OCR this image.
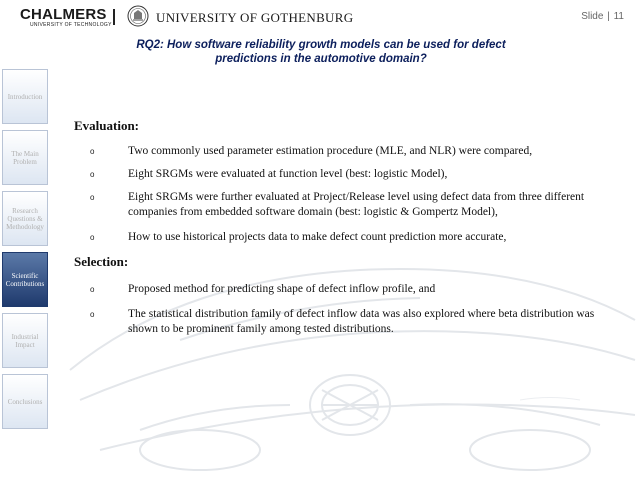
CHALMERS
UNIVERSITY OF TECHNOLOGY	UNIVERSITY OF GOTHENBURG	Slide | 11
RQ2: How software reliability growth models can be used for defect
predictions in the automotive domain?
Introduction
The Main Problem
Research Questions & Methodology
Scientific Contributions
Industrial Impact
Conclusions
Evaluation:
o	Two commonly used parameter estimation procedure (MLE, and NLR) were compared,
o	Eight SRGMs were evaluated at function level (best: logistic Model),
o	Eight SRGMs were further evaluated at Project/Release level using defect data from three different companies from embedded software domain (best: logistic & Gompertz Model),
o	How to use historical projects data to make defect count prediction more accurate,
Selection:
o	Proposed method for predicting shape of defect inflow profile, and
o	The statistical distribution family of defect inflow data was also explored where beta distribution was shown to be prominent family among tested distributions.
